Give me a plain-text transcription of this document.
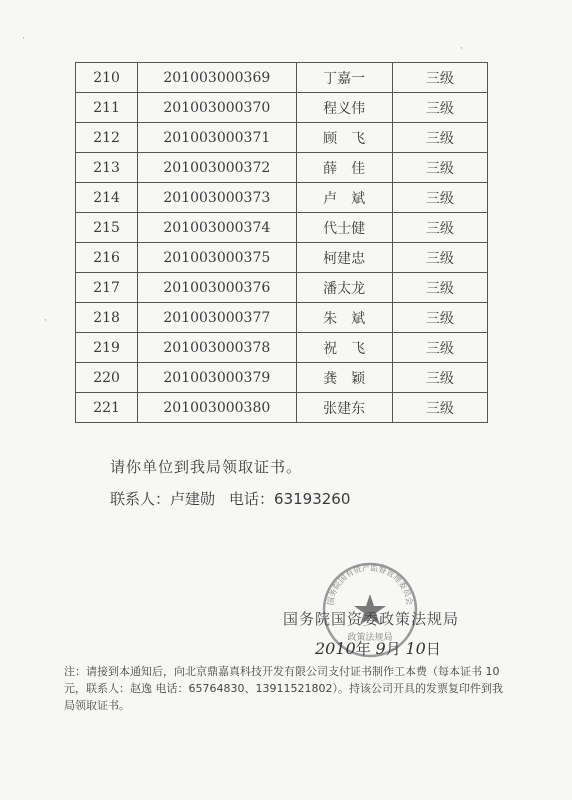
210	201003000369	丁嘉一	三级
211	201003000370	程义伟	三级
212	201003000371	顾　飞	三级
213	201003000372	薛　佳	三级
214	201003000373	卢　斌	三级
215	201003000374	代士健	三级
216	201003000375	柯建忠	三级
217	201003000376	潘太龙	三级
218	201003000377	朱　斌	三级
219	201003000378	祝　飞	三级
220	201003000379	龚　颖	三级
221	201003000380	张建东	三级
请你单位到我局领取证书。
联系人：卢建勋 电话：63193260
国务院国有资产监督管理委员会
政策法规局
国务院国资委政策法规局
2010年 9月 10日
注：请接到本通知后，向北京鼎嘉真科技开发有限公司支付证书制作工本费（每本证书 10 元，联系人：赵逸 电话：65764830、13911521802）。持该公司开具的发票复印件到我局领取证书。
·
·
·
